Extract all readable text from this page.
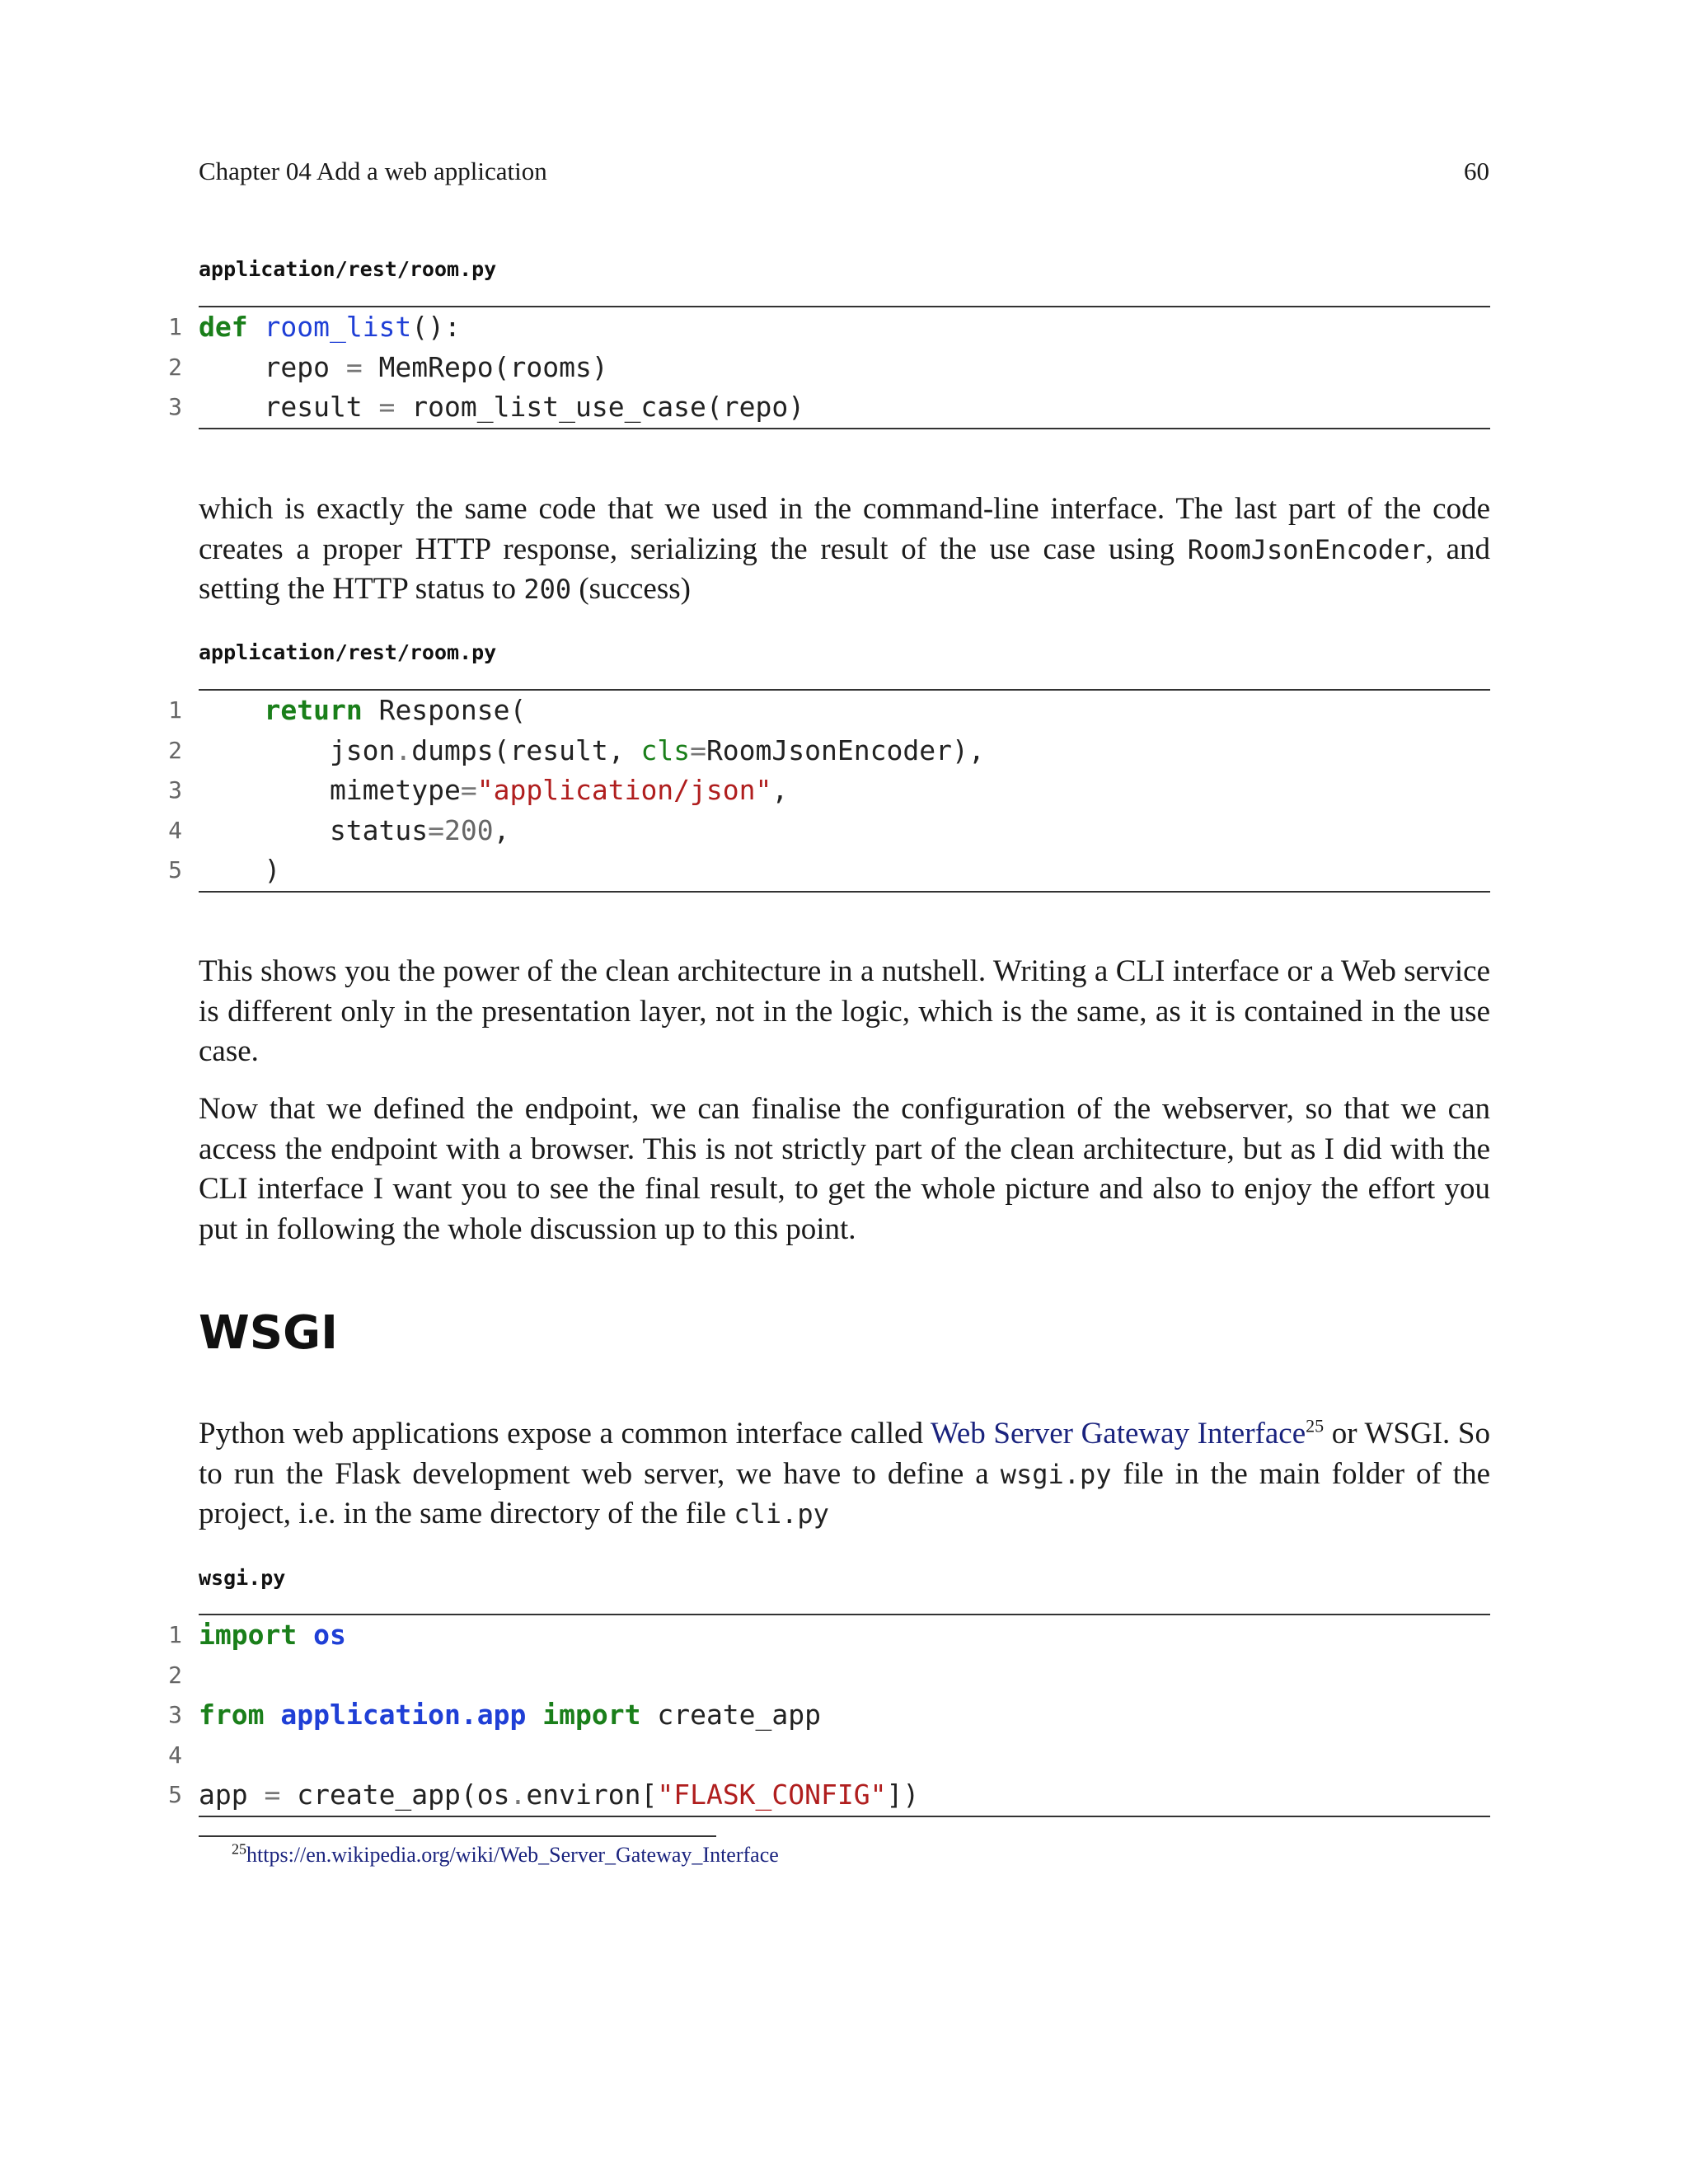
Chapter 04 Add a web application	60
application/rest/room.py
1 def room_list():
2 repo = MemRepo(rooms)
3 result = room_list_use_case(repo)
which is exactly the same code that we used in the command-line interface. The last part of the code creates a proper HTTP response, serializing the result of the use case using RoomJsonEncoder, and setting the HTTP status to 200 (success)
application/rest/room.py
1	return Response(
2 json.dumps(result, cls=RoomJsonEncoder),
3 mimetype="application/json",
4 status=200,
5 )
This shows you the power of the clean architecture in a nutshell. Writing a CLI interface or a Web service is different only in the presentation layer, not in the logic, which is the same, as it is contained in the use case.
Now that we defined the endpoint, we can finalise the configuration of the webserver, so that we can access the endpoint with a browser. This is not strictly part of the clean architecture, but as I did with the CLI interface I want you to see the final result, to get the whole picture and also to enjoy the effort you put in following the whole discussion up to this point.
WSGI
Python web applications expose a common interface called Web Server Gateway Interface$^{25}$ or WSGI. So to run the Flask development web server, we have to define a wsgi.py file in the main folder of the project, i.e. in the same directory of the file cli.py
wsgi.py
1 import os
2
3 from application.app import create_app
4
5 app = create_app(os.environ["FLASK_CONFIG"])
$^{25}$https://en.wikipedia.org/wiki/Web_Server_Gateway_Interface
